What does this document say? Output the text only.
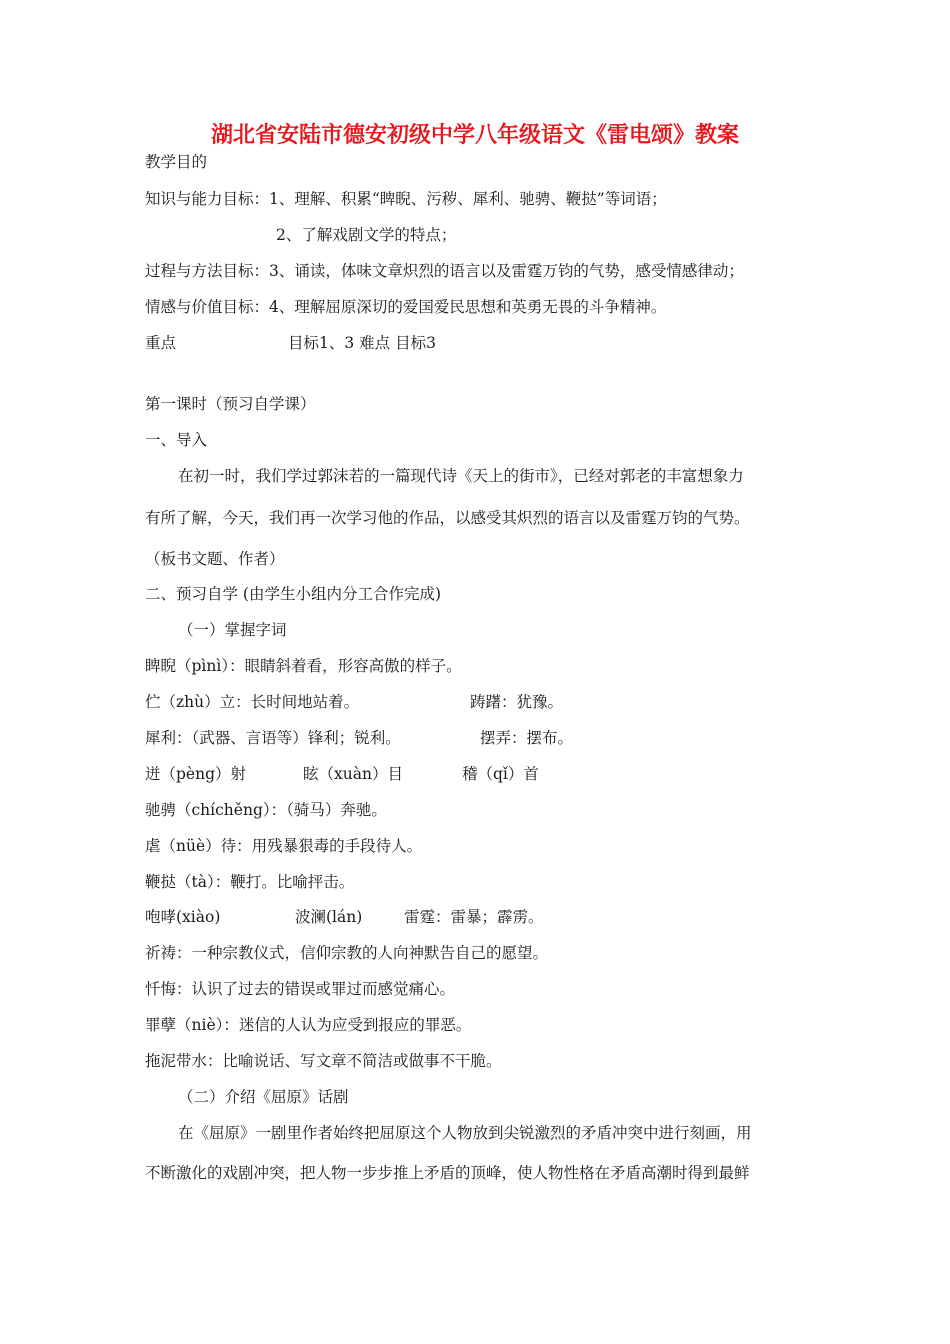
湖北省安陆市德安初级中学八年级语文《雷电颂》教案
教学目的
知识与能力目标：1、理解、积累“睥睨、污秽、犀利、驰骋、鞭挞”等词语；
2、了解戏剧文学的特点；
过程与方法目标：3、诵读，体味文章炽烈的语言以及雷霆万钧的气势，感受情感律动；
情感与价值目标：4、理解屈原深切的爱国爱民思想和英勇无畏的斗争精神。
重点	目标1、3 难点 目标3
第一课时（预习自学课）
一、导入
在初一时，我们学过郭沫若的一篇现代诗《天上的街市》，已经对郭老的丰富想象力
有所了解，今天，我们再一次学习他的作品，以感受其炽烈的语言以及雷霆万钧的气势。
（板书文题、作者）
二、预习自学 (由学生小组内分工合作完成)
（一）掌握字词
睥睨（pìnì）：眼睛斜着看，形容高傲的样子。
伫（zhù）立：长时间地站着。	踌躇：犹豫。
犀利：（武器、言语等）锋利；锐利。	摆弄：摆布。
迸（pèng）射	眩（xuàn）目	稽（qǐ）首
驰骋（chíchěng）：（骑马）奔驰。
虐（nüè）待：用残暴狠毒的手段待人。
鞭挞（tà）：鞭打。比喻抨击。
咆哮(xiào)	波澜(lán)	雷霆：雷暴；霹雳。
祈祷：一种宗教仪式，信仰宗教的人向神默告自己的愿望。
忏悔：认识了过去的错误或罪过而感觉痛心。
罪孽（niè）：迷信的人认为应受到报应的罪恶。
拖泥带水：比喻说话、写文章不简洁或做事不干脆。
（二）介绍《屈原》话剧
在《屈原》一剧里作者始终把屈原这个人物放到尖锐激烈的矛盾冲突中进行刻画，用
不断激化的戏剧冲突，把人物一步步推上矛盾的顶峰，使人物性格在矛盾高潮时得到最鲜
